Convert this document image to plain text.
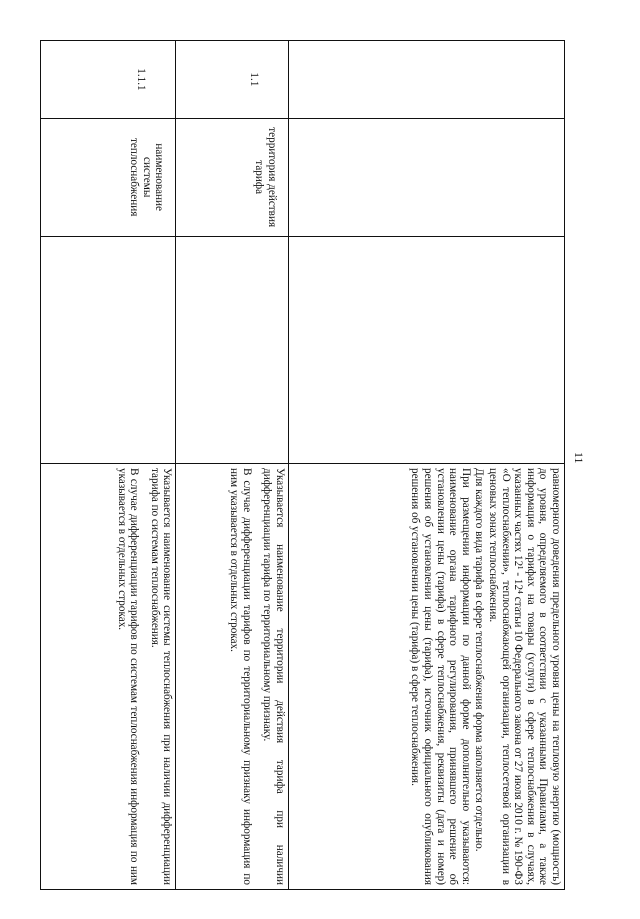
11

равномерного доведения предельного уровня цены на тепловую энергию (мощность) до уровня, определяемого в соответствии с указанными Правилами, а также информация о тарифах на товары (услуги) в сфере теплоснабжения в случаях, указанных частях 12¹ - 12⁴ статьи 10 Федерального закона от 27 июля 2010 г. № 190-ФЗ «О теплоснабжении», теплоснабжающей организации, теплосетевой организации в ценовых зонах теплоснабжения.

Для каждого вида тарифа в сфере теплоснабжения форма заполняется отдельно.

При размещении информации по данной форме дополнительно указываются: наименование органа тарифного регулирования, принявшего решение об установлении цены (тарифа) в сфере теплоснабжения, реквизиты (дата и номер) решения об установлении цены (тарифа), источник официального опубликования решения об установлении цены (тарифа) в сфере теплоснабжения.

1.1
территория действия тарифа

Указывается наименование территории действия тарифа при наличии дифференциации тарифа по территориальному признаку.

В случае дифференциации тарифов по территориальному признаку информация по ним указывается в отдельных строках.

1.1.1
наименование системы теплоснабжения

Указывается наименование системы теплоснабжения при наличии дифференциации тарифа по системам теплоснабжения.

В случае дифференциации тарифов по системам теплоснабжения информация по ним указывается в отдельных строках.
